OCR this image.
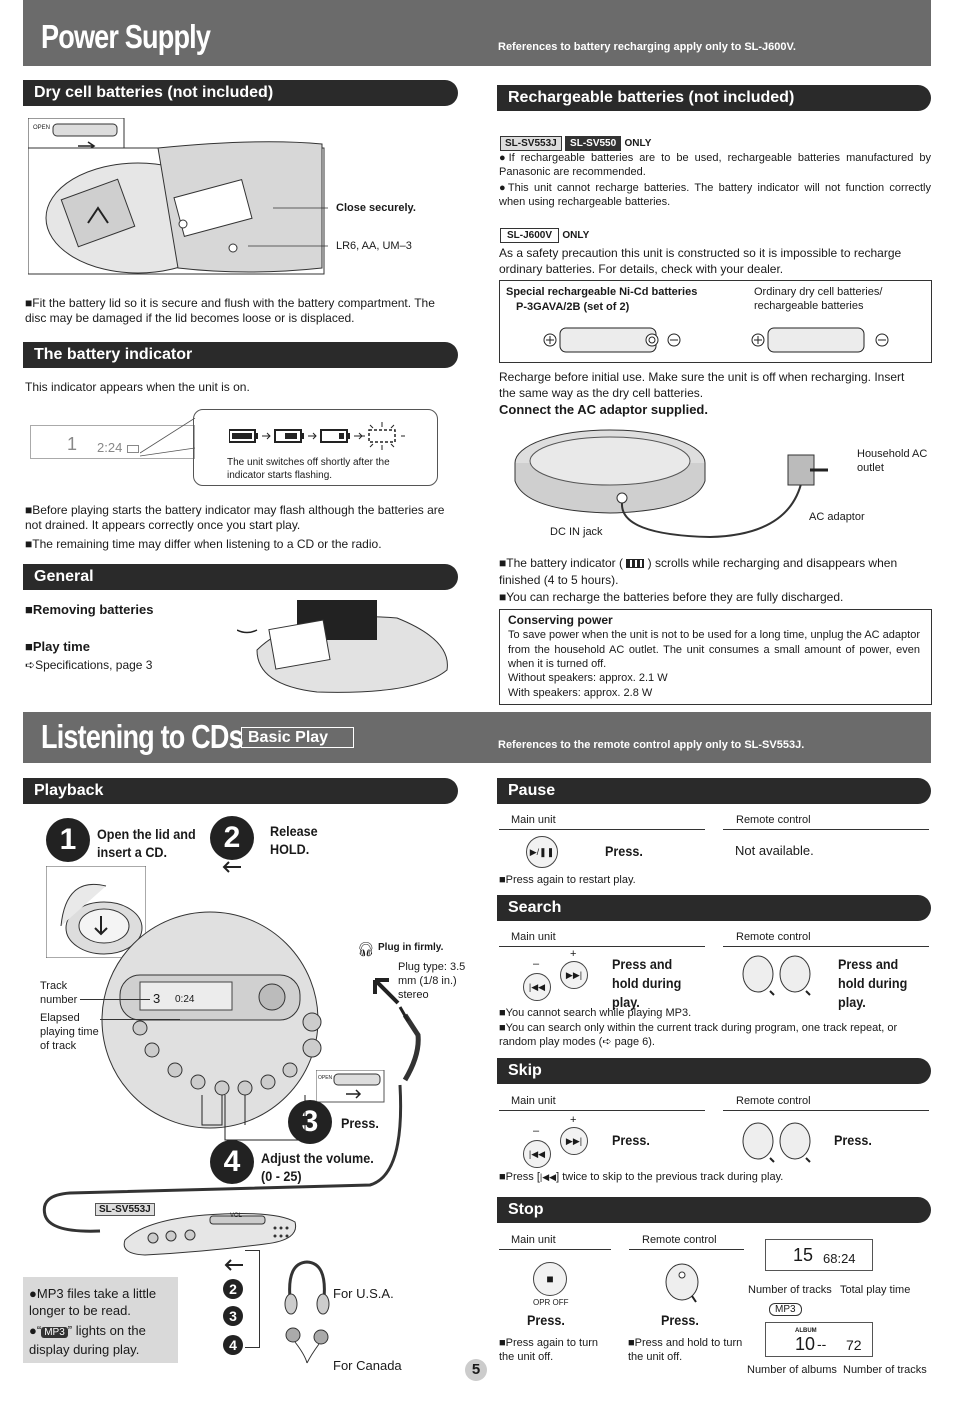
Power Supply	References to battery recharging apply only to SL-J600V.
Dry cell batteries (not included)
OPEN
Close securely.
LR6, AA, UM–3
■Fit the battery lid so it is secure and flush with the battery compartment. The disc may be damaged if the lid becomes loose or is displaced.
The battery indicator
This indicator appears when the unit is on.
1 2:24
The unit switches off shortly after the indicator starts flashing.
■Before playing starts the battery indicator may flash although the batteries are not drained. It appears correctly once you start play.
■The remaining time may differ when listening to a CD or the radio.
General
■Removing batteries
■Play time
➪Specifications, page 3
Rechargeable batteries (not included)
SL-SV553J SL-SV550 ONLY
●If rechargeable batteries are to be used, rechargeable batteries manufactured by Panasonic are recommended.
●This unit cannot recharge batteries. The battery indicator will not function correctly when using rechargeable batteries.
SL-J600V ONLY
As a safety precaution this unit is constructed so it is impossible to recharge ordinary batteries. For details, check with your dealer.
Special rechargeable Ni-Cd batteries
P-3GAVA/2B (set of 2)
Ordinary dry cell batteries/ rechargeable batteries
Recharge before initial use. Make sure the unit is off when recharging. Insert the same way as the dry cell batteries.
Connect the AC adaptor supplied.
Household AC outlet
DC IN jack
AC adaptor
■The battery indicator ( ) scrolls while recharging and disappears when finished (4 to 5 hours).
■You can recharge the batteries before they are fully discharged.
Conserving power
To save power when the unit is not to be used for a long time, unplug the AC adaptor from the household AC outlet. The unit consumes a small amount of power, even when it is turned off.
Without speakers: approx. 2.1 W
With speakers: approx. 2.8 W
Listening to CDs Basic Play	References to the remote control apply only to SL-SV553J.
Playback
1	Open the lid and insert a CD.	2	Release HOLD.
3 0:24
Track number
Elapsed playing time of track
🎧︎ Plug in firmly.
Plug type: 3.5 mm (1/8 in.) stereo
OPEN
3	Press.
4	Adjust the volume. (0 - 25)
SL-SV553J
VOL
2
3
4
●MP3 files take a little longer to be read.
●“ MP3 ” lights on the display during play.
For U.S.A.
For Canada	5
Pause
Main unit	Remote control
▶/❚❚	Press.	Not available.
■Press again to restart play.
Search
Main unit	Remote control
–
+
|◀◀
▶▶|
Press and hold during play.
Press and hold during play.
■You cannot search while playing MP3.
■You can search only within the current track during program, one track repeat, or random play modes (➪ page 6).
Skip
Main unit	Remote control
–
+
|◀◀
▶▶|	Press.	Press.
■Press [|◀◀] twice to skip to the previous track during play.
Stop
Main unit	Remote control
■
OPR OFF
Press.	Press.
■Press again to turn the unit off.
■Press and hold to turn the unit off.
15 68:24
Number of tracks Total play time
MP3
ALBUM
10 -- 72
Number of albums Number of tracks
